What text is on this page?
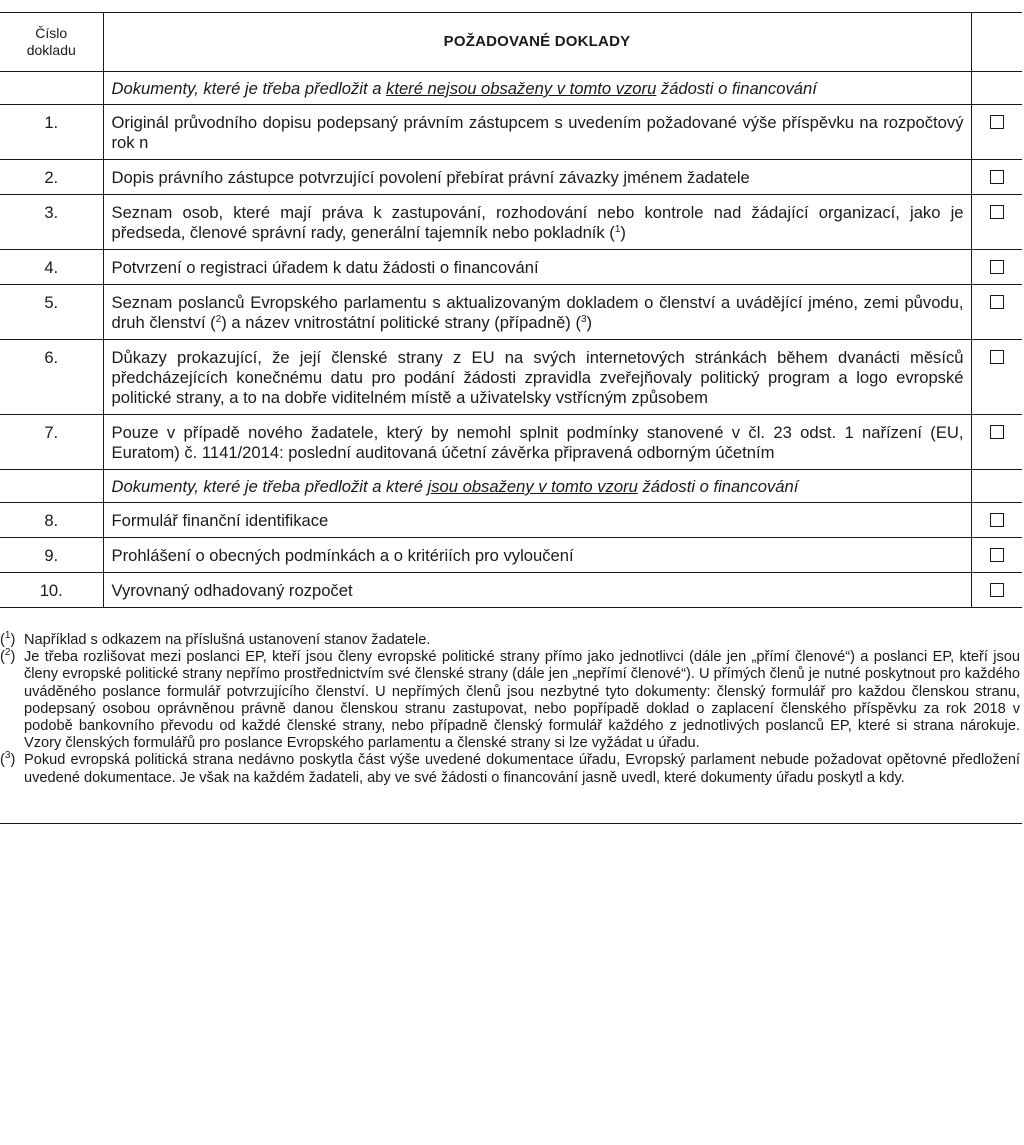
Číslo
dokladu	POŽADOVANÉ DOKLADY	
	Dokumenty, které je třeba předložit a které nejsou obsaženy v tomto vzoru žádosti o financování	
1.	Originál průvodního dopisu podepsaný právním zástupcem s uvedením požadované výše příspěvku na rozpočtový rok n	
2.	Dopis právního zástupce potvrzující povolení přebírat právní závazky jménem žadatele	
3.	Seznam osob, které mají práva k zastupování, rozhodování nebo kontrole nad žádající organizací, jako je předseda, členové správní rady, generální tajemník nebo pokladník ($^1$)	
4.	Potvrzení o registraci úřadem k datu žádosti o financování	
5.	Seznam poslanců Evropského parlamentu s aktualizovaným dokladem o členství a uvádějící jméno, zemi původu, druh členství ($^2$) a název vnitrostátní politické strany (případně) ($^3$)	
6.	Důkazy prokazující, že její členské strany z EU na svých internetových stránkách během dvanácti měsíců předcházejících konečnému datu pro podání žádosti zpravidla zveřejňovaly politický program a logo evropské politické strany, a to na dobře viditelném místě a uživatelsky vstřícným způsobem	
7.	Pouze v případě nového žadatele, který by nemohl splnit podmínky stanovené v čl. 23 odst. 1 nařízení (EU, Euratom) č. 1141/2014: poslední auditovaná účetní závěrka připravená odborným účetním	
	Dokumenty, které je třeba předložit a které jsou obsaženy v tomto vzoru žádosti o financování	
8.	Formulář finanční identifikace	
9.	Prohlášení o obecných podmínkách a o kritériích pro vyloučení	
10.	Vyrovnaný odhadovaný rozpočet	

($^1$) Například s odkazem na příslušná ustanovení stanov žadatele.

($^2$) Je třeba rozlišovat mezi poslanci EP, kteří jsou členy evropské politické strany přímo jako jednotlivci (dále jen „přímí členové“) a poslanci EP, kteří jsou členy evropské politické strany nepřímo prostřednictvím své členské strany (dále jen „nepřímí členové“). U přímých členů je nutné poskytnout pro každého uváděného poslance formulář potvrzujícího členství. U nepřímých členů jsou nezbytné tyto dokumenty: členský formulář pro každou členskou stranu, podepsaný osobou oprávněnou právně danou členskou stranu zastupovat, nebo popřípadě doklad o zaplacení členského příspěvku za rok 2018 v podobě bankovního převodu od každé členské strany, nebo případně členský formulář každého z jednotlivých poslanců EP, které si strana nárokuje. Vzory členských formulářů pro poslance Evropského parlamentu a členské strany si lze vyžádat u úřadu.

($^3$) Pokud evropská politická strana nedávno poskytla část výše uvedené dokumentace úřadu, Evropský parlament nebude požadovat opětovné předložení uvedené dokumentace. Je však na každém žadateli, aby ve své žádosti o financování jasně uvedl, které dokumenty úřadu poskytl a kdy.
